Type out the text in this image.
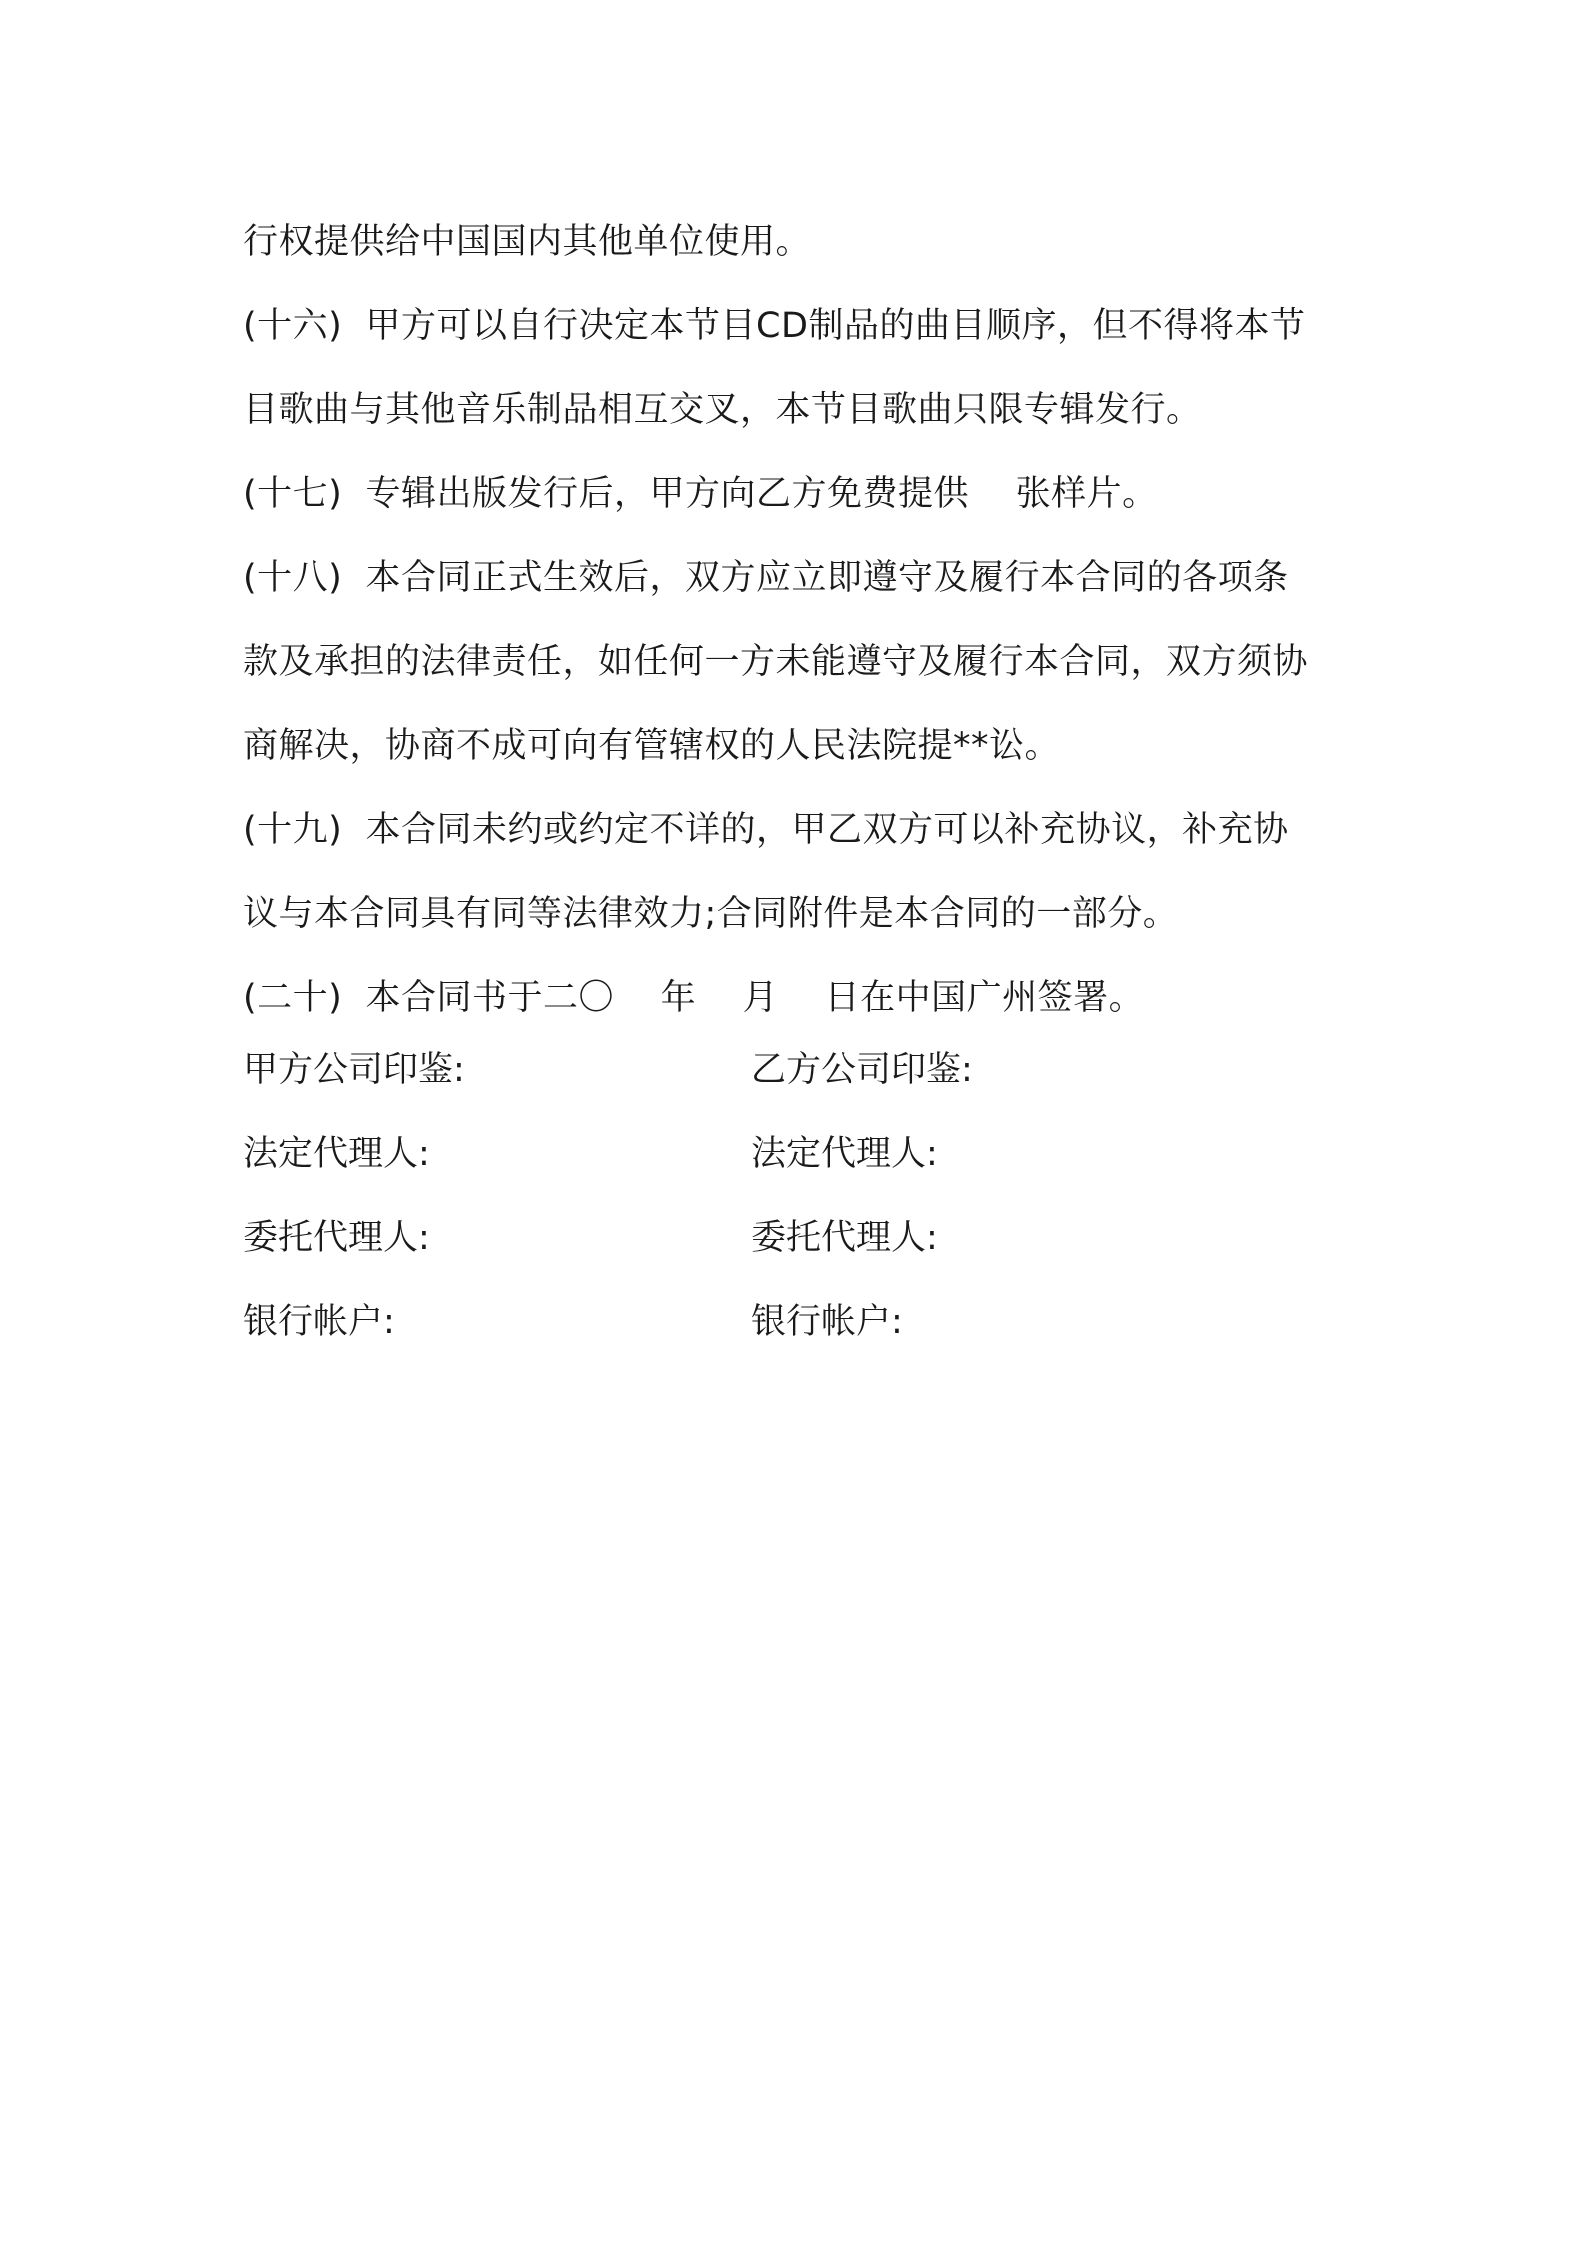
行权提供给中国国内其他单位使用。
(十六)  甲方可以自行决定本节目CD制品的曲目顺序，但不得将本节
目歌曲与其他音乐制品相互交叉，本节目歌曲只限专辑发行。
(十七)  专辑出版发行后，甲方向乙方免费提供    张样片。
(十八)  本合同正式生效后，双方应立即遵守及履行本合同的各项条
款及承担的法律责任，如任何一方未能遵守及履行本合同，双方须协
商解决，协商不成可向有管辖权的人民法院提**讼。
(十九)  本合同未约或约定不详的，甲乙双方可以补充协议，补充协
议与本合同具有同等法律效力;合同附件是本合同的一部分。
(二十)  本合同书于二〇    年    月    日在中国广州签署。
甲方公司印鉴:	乙方公司印鉴:
法定代理人:	法定代理人:
委托代理人:	委托代理人:
银行帐户:	银行帐户:
